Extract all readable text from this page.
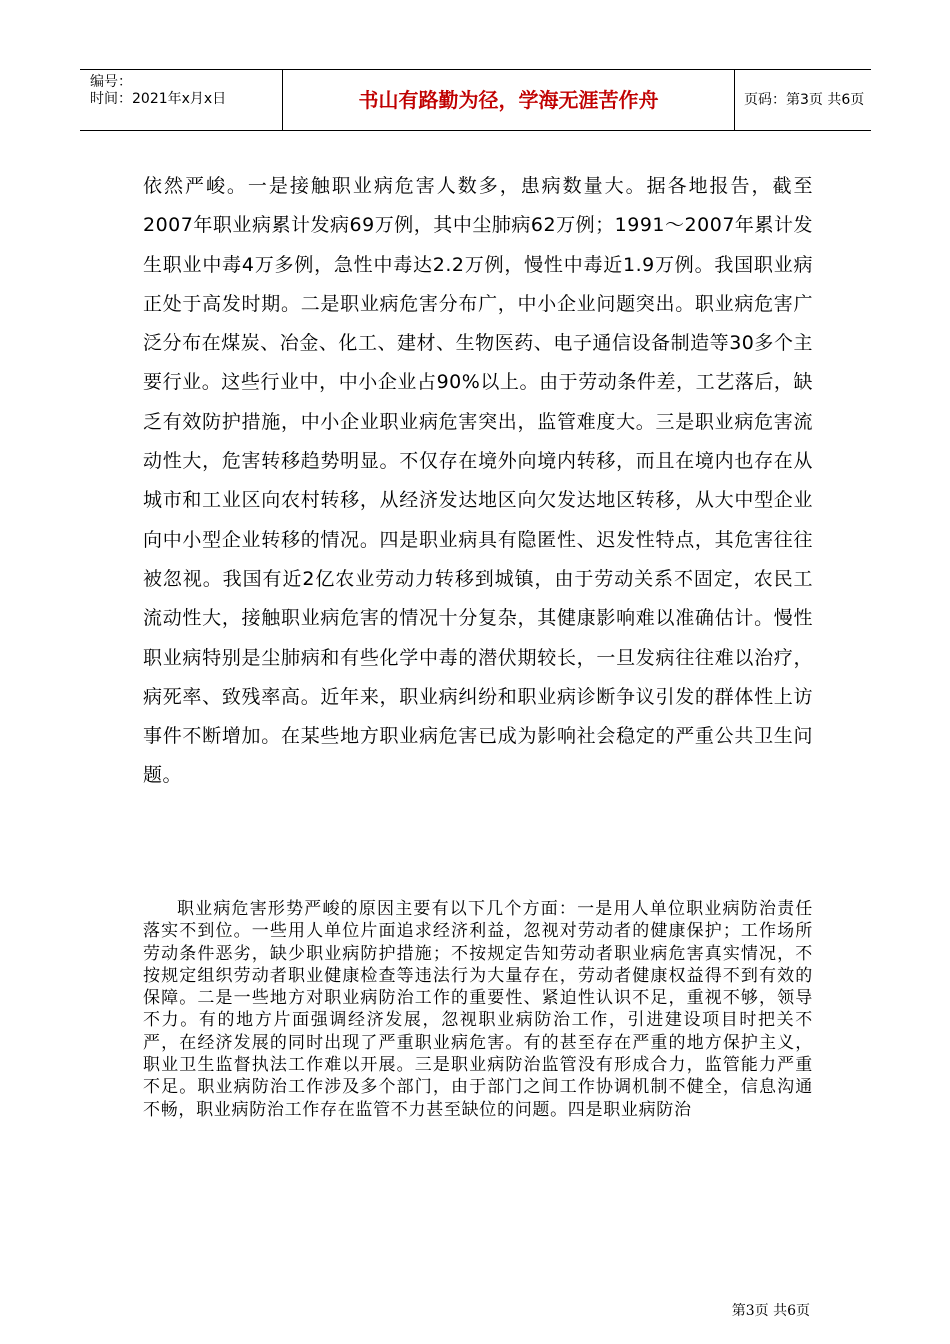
编号：
时间：2021年x月x日	书山有路勤为径，学海无涯苦作舟	页码：第3页 共6页

依然严峻。一是接触职业病危害人数多，患病数量大。据各地报告，截至2007年职业病累计发病69万例，其中尘肺病62万例；1991～2007年累计发生职业中毒4万多例，急性中毒达2.2万例，慢性中毒近1.9万例。我国职业病正处于高发时期。二是职业病危害分布广，中小企业问题突出。职业病危害广泛分布在煤炭、冶金、化工、建材、生物医药、电子通信设备制造等30多个主要行业。这些行业中，中小企业占90%以上。由于劳动条件差，工艺落后，缺乏有效防护措施，中小企业职业病危害突出，监管难度大。三是职业病危害流动性大，危害转移趋势明显。不仅存在境外向境内转移，而且在境内也存在从城市和工业区向农村转移，从经济发达地区向欠发达地区转移，从大中型企业向中小型企业转移的情况。四是职业病具有隐匿性、迟发性特点，其危害往往被忽视。我国有近2亿农业劳动力转移到城镇，由于劳动关系不固定，农民工流动性大，接触职业病危害的情况十分复杂，其健康影响难以准确估计。慢性职业病特别是尘肺病和有些化学中毒的潜伏期较长，一旦发病往往难以治疗，病死率、致残率高。近年来，职业病纠纷和职业病诊断争议引发的群体性上访事件不断增加。在某些地方职业病危害已成为影响社会稳定的严重公共卫生问题。

职业病危害形势严峻的原因主要有以下几个方面：一是用人单位职业病防治责任落实不到位。一些用人单位片面追求经济利益，忽视对劳动者的健康保护；工作场所劳动条件恶劣，缺少职业病防护措施；不按规定告知劳动者职业病危害真实情况，不按规定组织劳动者职业健康检查等违法行为大量存在，劳动者健康权益得不到有效的保障。二是一些地方对职业病防治工作的重要性、紧迫性认识不足，重视不够，领导不力。有的地方片面强调经济发展，忽视职业病防治工作，引进建设项目时把关不严，在经济发展的同时出现了严重职业病危害。有的甚至存在严重的地方保护主义，职业卫生监督执法工作难以开展。三是职业病防治监管没有形成合力，监管能力严重不足。职业病防治工作涉及多个部门，由于部门之间工作协调机制不健全，信息沟通不畅，职业病防治工作存在监管不力甚至缺位的问题。四是职业病防治

第3页 共6页
